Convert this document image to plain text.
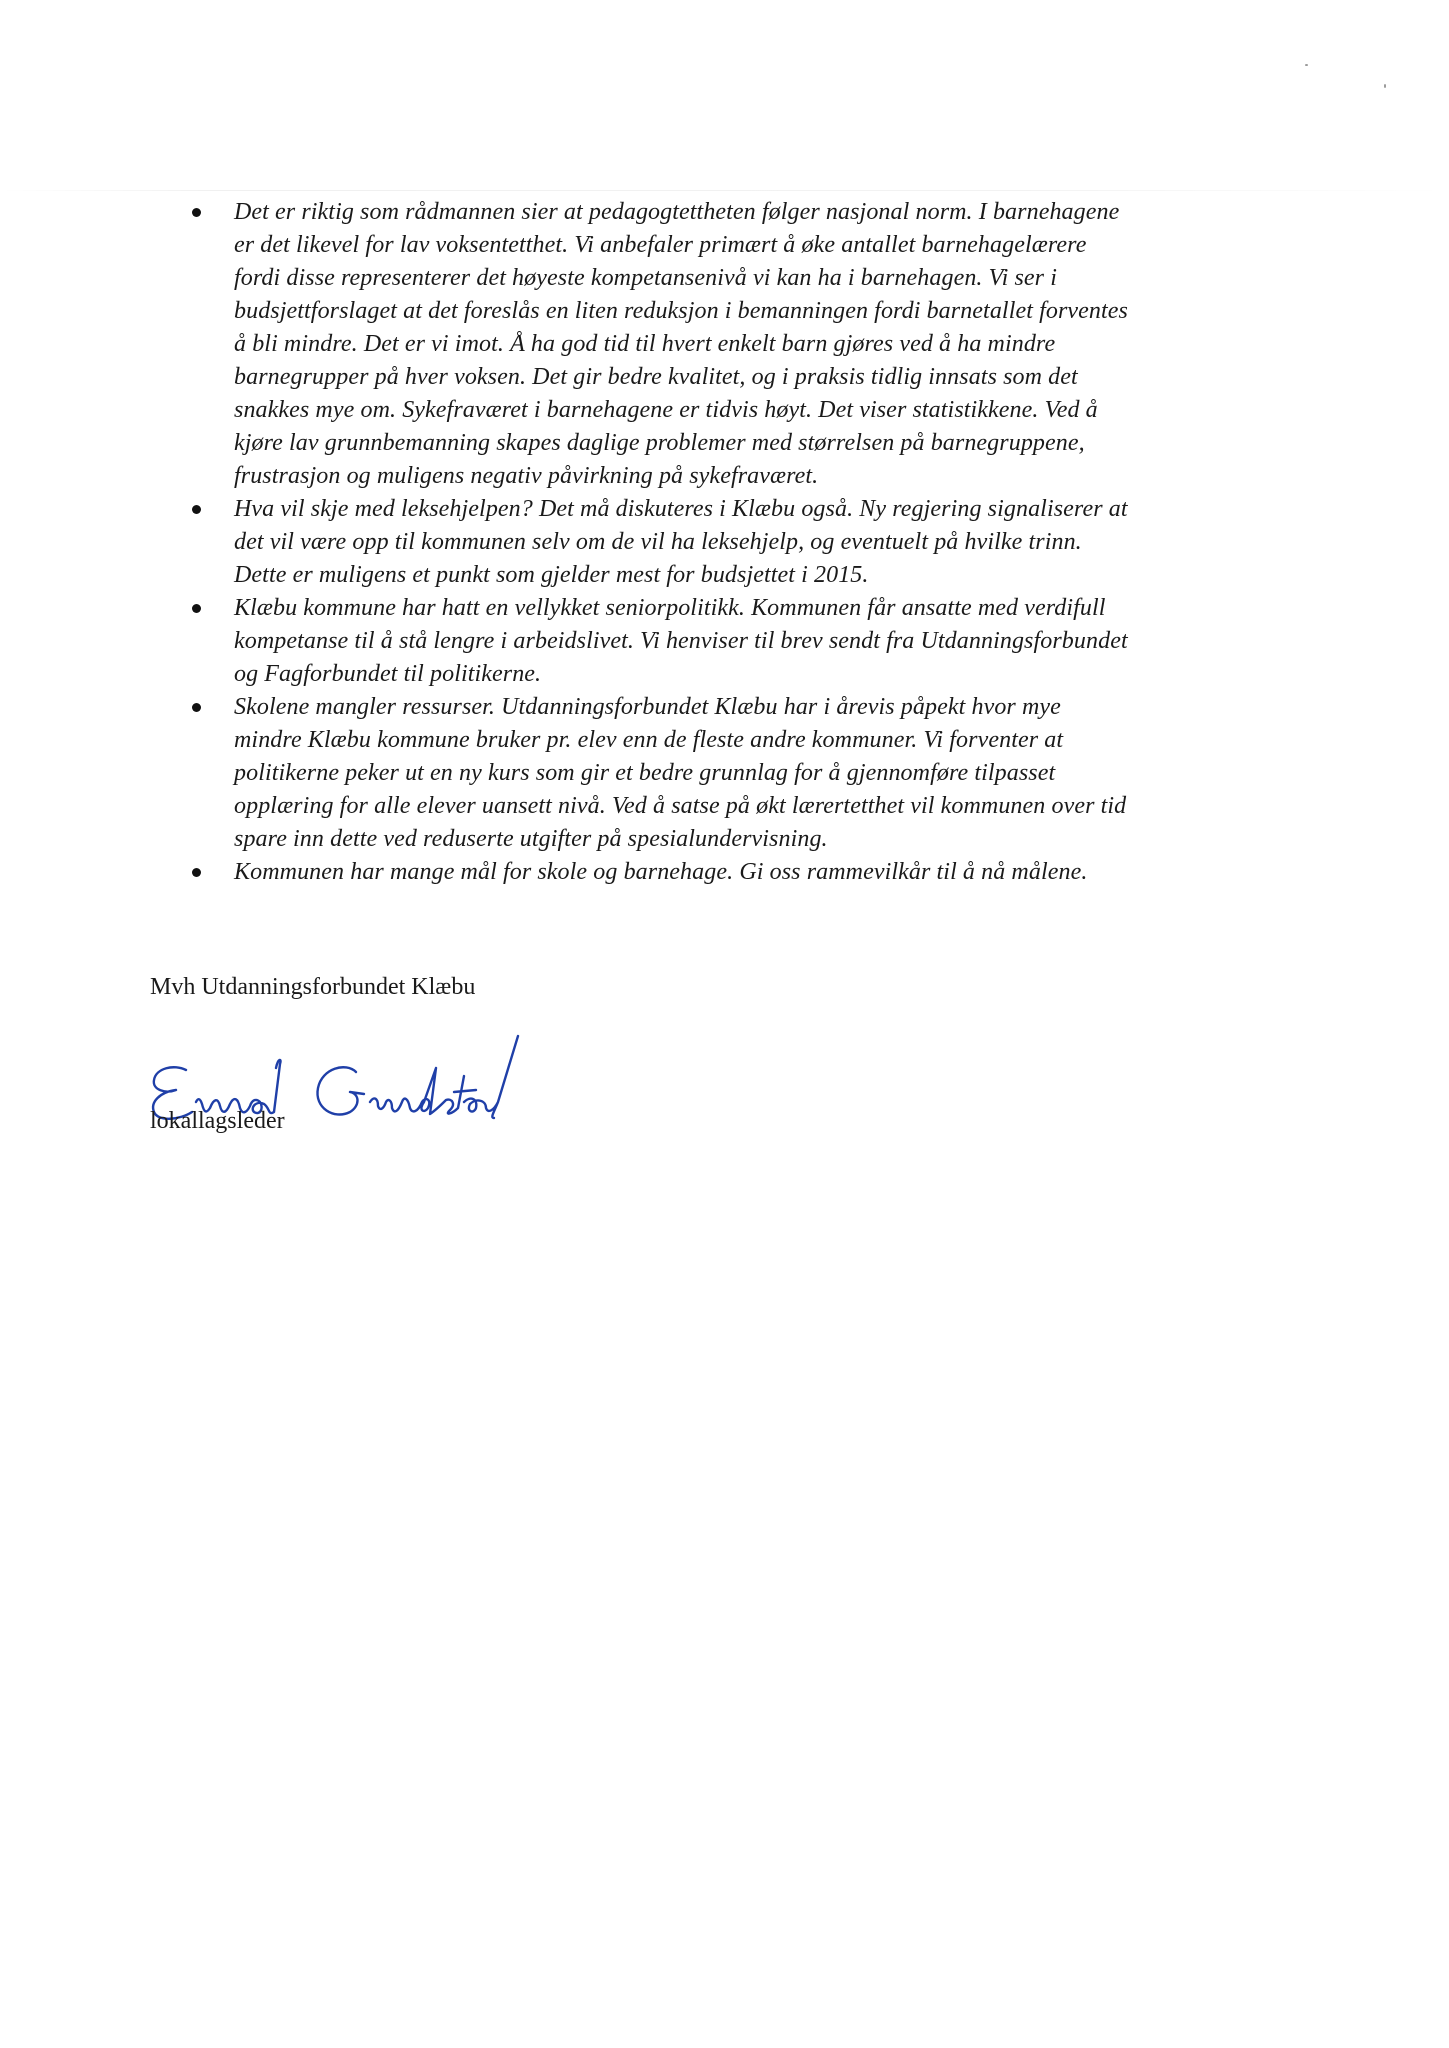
Det er riktig som rådmannen sier at pedagogtettheten følger nasjonal norm. I barnehagene
er det likevel for lav voksentetthet. Vi anbefaler primært å øke antallet barnehagelærere
fordi disse representerer det høyeste kompetansenivå vi kan ha i barnehagen. Vi ser i
budsjettforslaget at det foreslås en liten reduksjon i bemanningen fordi barnetallet forventes
å bli mindre. Det er vi imot. Å ha god tid til hvert enkelt barn gjøres ved å ha mindre
barnegrupper på hver voksen. Det gir bedre kvalitet, og i praksis tidlig innsats som det
snakkes mye om. Sykefraværet i barnehagene er tidvis høyt. Det viser statistikkene. Ved å
kjøre lav grunnbemanning skapes daglige problemer med størrelsen på barnegruppene,
frustrasjon og muligens negativ påvirkning på sykefraværet.
Hva vil skje med leksehjelpen? Det må diskuteres i Klæbu også. Ny regjering signaliserer at
det vil være opp til kommunen selv om de vil ha leksehjelp, og eventuelt på hvilke trinn.
Dette er muligens et punkt som gjelder mest for budsjettet i 2015.
Klæbu kommune har hatt en vellykket seniorpolitikk. Kommunen får ansatte med verdifull
kompetanse til å stå lengre i arbeidslivet. Vi henviser til brev sendt fra Utdanningsforbundet
og Fagforbundet til politikerne.
Skolene mangler ressurser. Utdanningsforbundet Klæbu har i årevis påpekt hvor mye
mindre Klæbu kommune bruker pr. elev enn de fleste andre kommuner. Vi forventer at
politikerne peker ut en ny kurs som gir et bedre grunnlag for å gjennomføre tilpasset
opplæring for alle elever uansett nivå. Ved å satse på økt lærertetthet vil kommunen over tid
spare inn dette ved reduserte utgifter på spesialundervisning.
Kommunen har mange mål for skole og barnehage. Gi oss rammevilkår til å nå målene.
Mvh Utdanningsforbundet Klæbu
lokallagsleder
